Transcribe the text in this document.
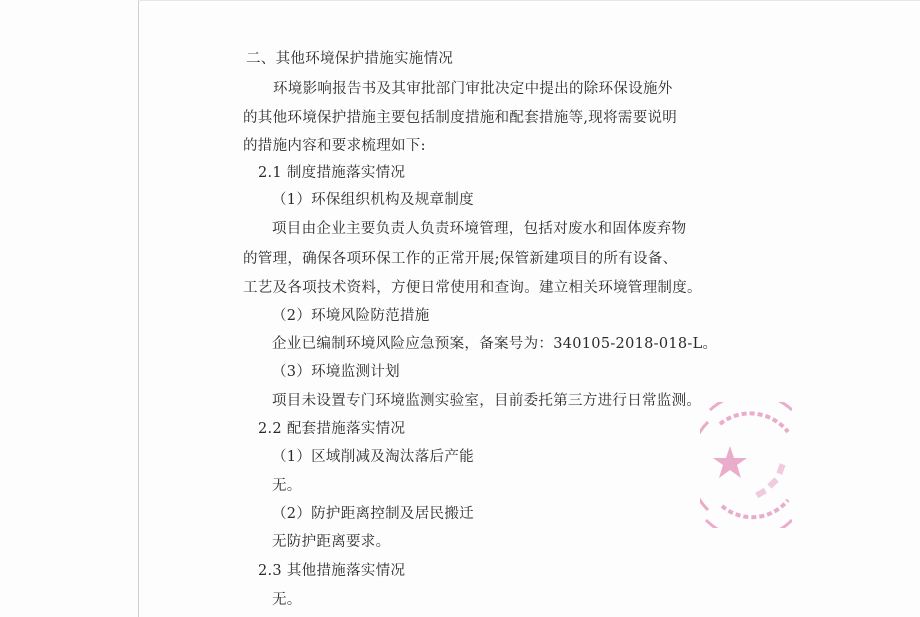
二、其他环境保护措施实施情况
环境影响报告书及其审批部门审批决定中提出的除环保设施外
的其他环境保护措施主要包括制度措施和配套措施等,现将需要说明
的措施内容和要求梳理如下:
2.1 制度措施落实情况
（1）环保组织机构及规章制度
项目由企业主要负责人负责环境管理，包括对废水和固体废弃物
的管理，确保各项环保工作的正常开展;保管新建项目的所有设备、
工艺及各项技术资料，方便日常使用和查询。建立相关环境管理制度。
（2）环境风险防范措施
企业已编制环境风险应急预案，备案号为：340105-2018-018-L。
（3）环境监测计划
项目未设置专门环境监测实验室，目前委托第三方进行日常监测。
2.2 配套措施落实情况
（1）区域削减及淘汰落后产能
无。
（2）防护距离控制及居民搬迁
无防护距离要求。
2.3 其他措施落实情况
无。
